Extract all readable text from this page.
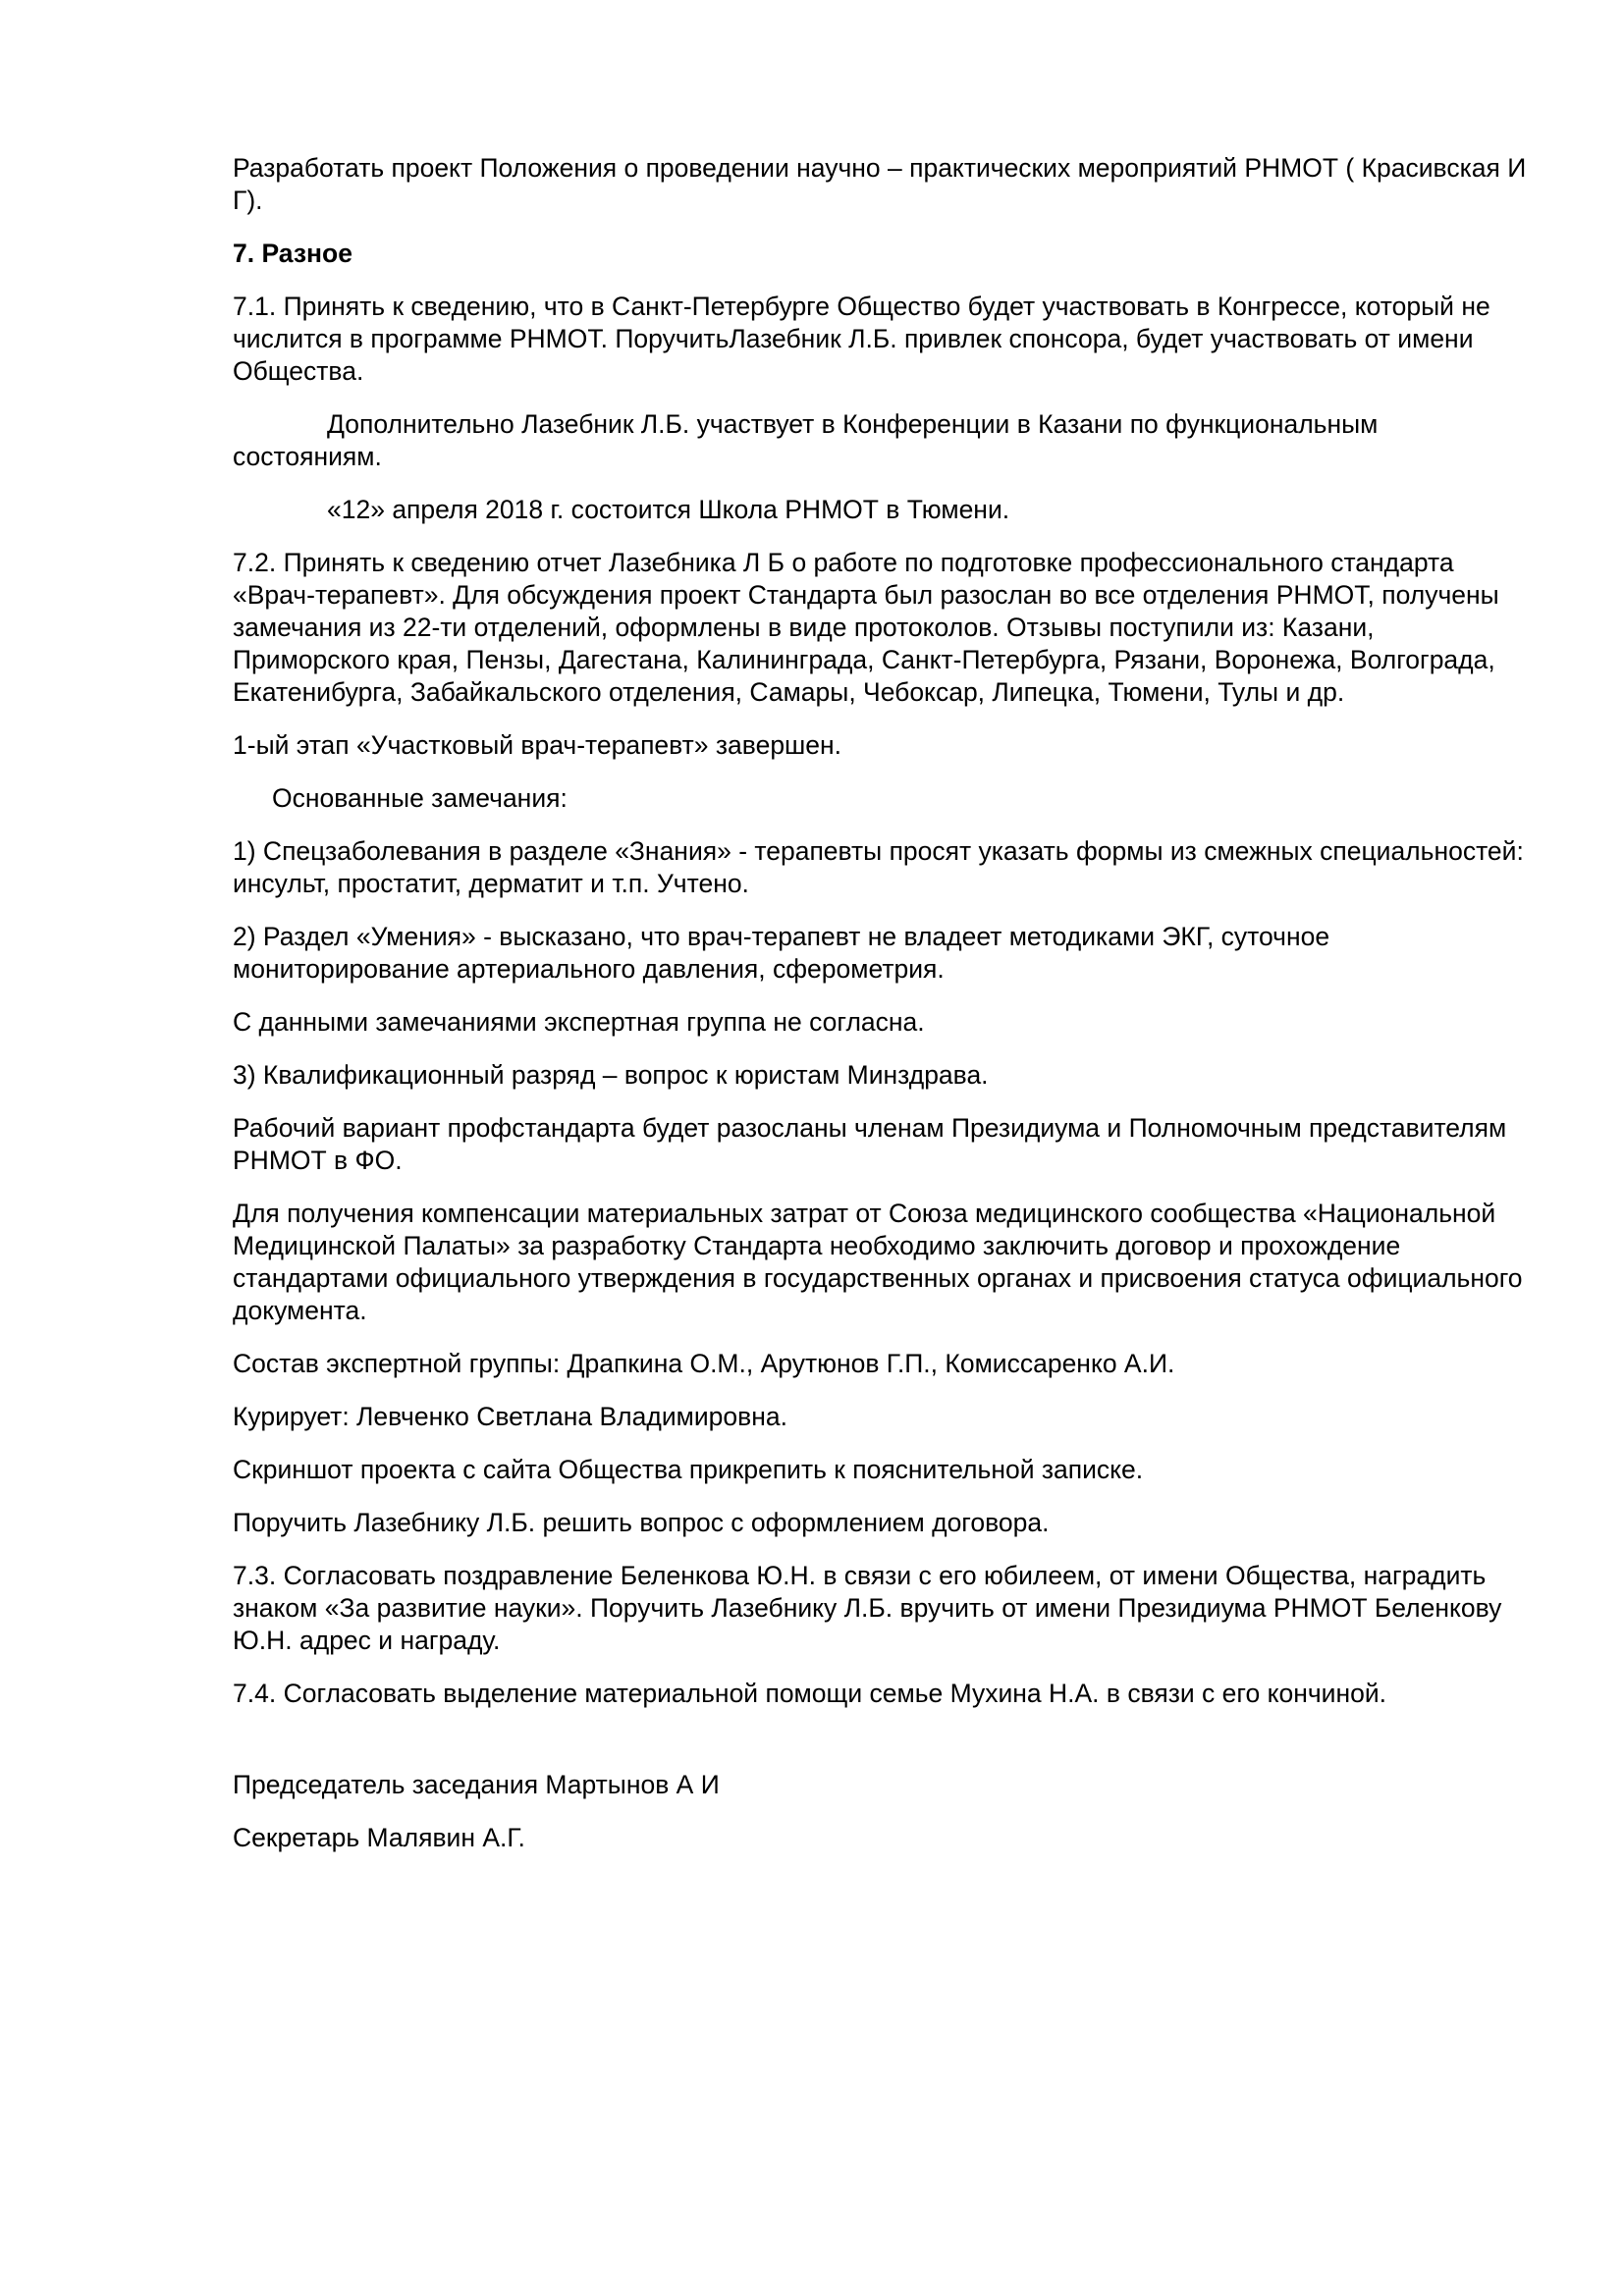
Разработать проект Положения о проведении научно – практических мероприятий РНМОТ ( Красивская И Г).

7. Разное

7.1. Принять к сведению, что в Санкт-Петербурге Общество будет участвовать в Конгрессе, который не числится в программе РНМОТ. ПоручитьЛазебник Л.Б. привлек спонсора, будет участвовать от имени Общества.

Дополнительно Лазебник Л.Б. участвует в Конференции в Казани по функциональным состояниям.

«12» апреля 2018 г. состоится Школа РНМОТ в Тюмени.

7.2. Принять к сведению отчет Лазебника Л Б о работе по подготовке профессионального стандарта «Врач-терапевт». Для обсуждения проект Стандарта был разослан во все отделения РНМОТ, получены замечания из 22-ти отделений, оформлены в виде протоколов. Отзывы поступили из: Казани, Приморского края, Пензы, Дагестана, Калининграда, Санкт-Петербурга, Рязани, Воронежа, Волгограда, Екатенибурга, Забайкальского отделения, Самары, Чебоксар, Липецка, Тюмени, Тулы и др.

1-ый этап «Участковый врач-терапевт» завершен.

Основанные замечания:

1) Спецзаболевания в разделе «Знания» - терапевты просят указать формы из смежных специальностей: инсульт, простатит, дерматит и т.п. Учтено.

2) Раздел «Умения» - высказано, что врач-терапевт не владеет методиками ЭКГ, суточное мониторирование артериального давления, сферометрия.

С данными замечаниями экспертная группа не согласна.

3) Квалификационный разряд – вопрос к юристам Минздрава.

Рабочий вариант профстандарта будет разосланы членам Президиума и Полномочным представителям РНМОТ в ФО.

Для получения компенсации материальных затрат от Союза медицинского сообщества «Национальной Медицинской Палаты» за разработку Стандарта необходимо заключить договор и прохождение стандартами официального утверждения в государственных органах и присвоения статуса официального документа.

Состав экспертной группы: Драпкина О.М., Арутюнов Г.П., Комиссаренко А.И.

Курирует: Левченко Светлана Владимировна.

Скриншот проекта с сайта Общества прикрепить к пояснительной записке.

Поручить Лазебнику Л.Б. решить вопрос с оформлением договора.

7.3. Согласовать поздравление Беленкова Ю.Н. в связи с его юбилеем, от имени Общества, наградить знаком «За развитие науки». Поручить Лазебнику Л.Б. вручить от имени Президиума РНМОТ Беленкову Ю.Н. адрес и награду.

7.4. Согласовать выделение материальной помощи семье Мухина Н.А. в связи с его кончиной.

Председатель заседания Мартынов А И

Секретарь Малявин А.Г.
